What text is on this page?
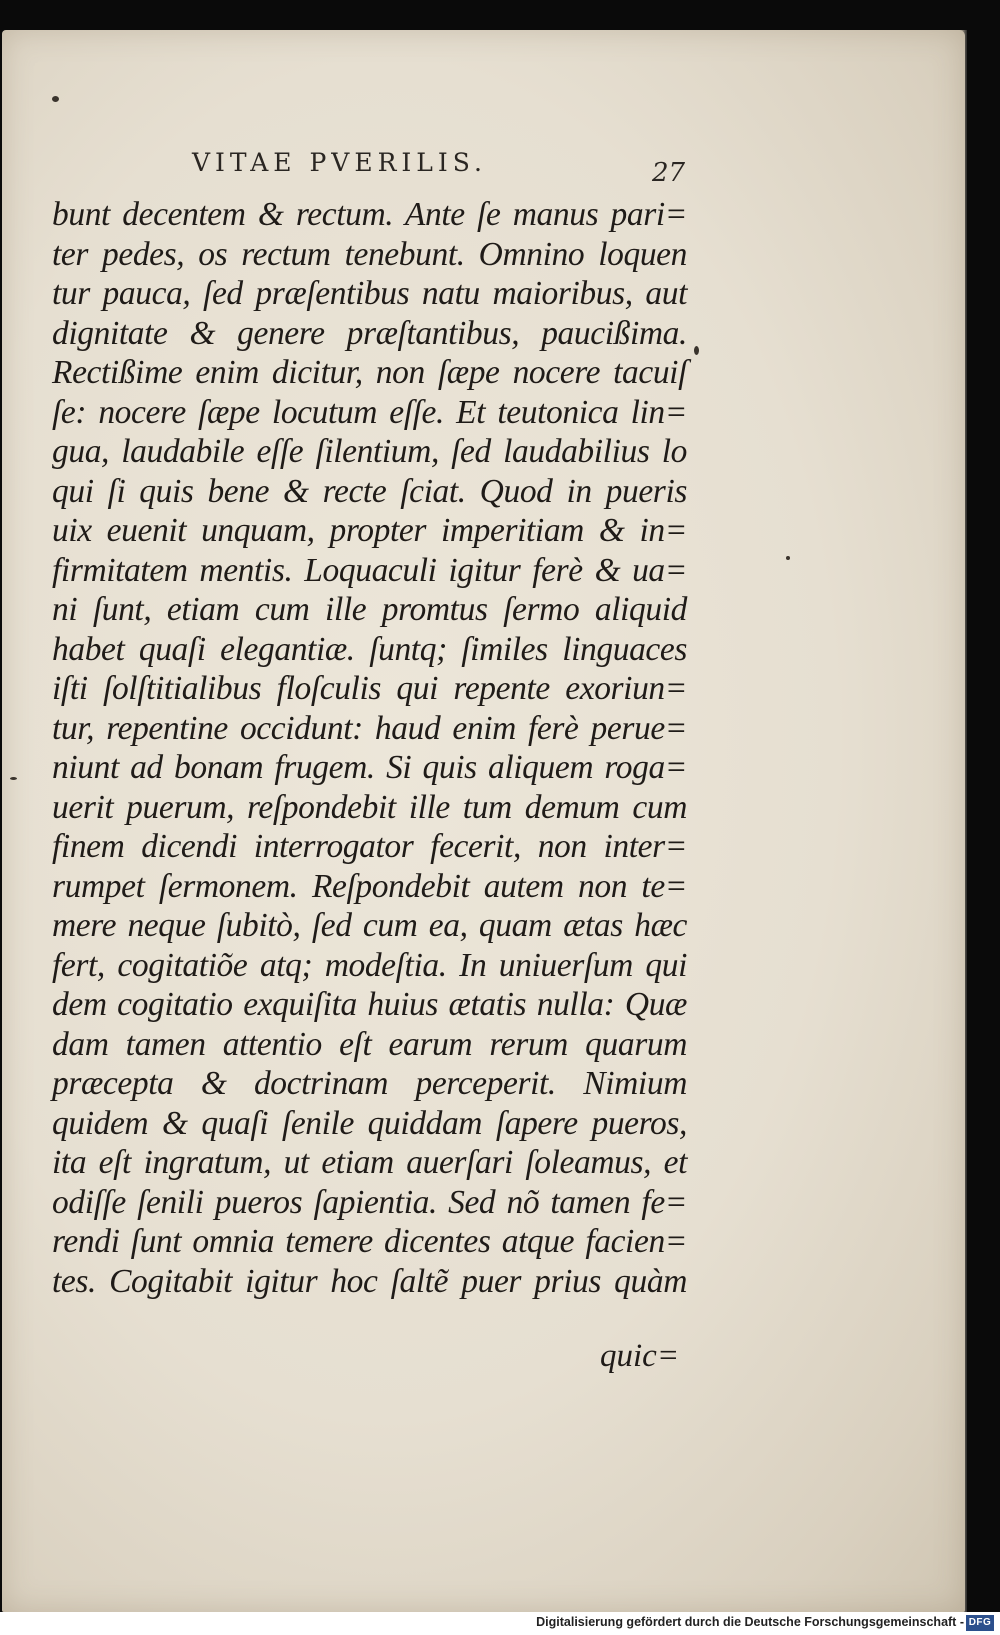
VITAE PVERILIS.	27
bunt decentem & rectum. Ante ſe manus pari=
ter pedes, os rectum tenebunt. Omnino loquen
tur pauca, ſed præſentibus natu maioribus, aut
dignitate & genere præſtantibus, paucißima.
Rectißime enim dicitur, non ſæpe nocere tacuiſ
ſe: nocere ſæpe locutum eſſe. Et teutonica lin=
gua, laudabile eſſe ſilentium, ſed laudabilius lo
qui ſi quis bene & recte ſciat. Quod in pueris
uix euenit unquam, propter imperitiam & in=
firmitatem mentis. Loquaculi igitur ferè & ua=
ni ſunt, etiam cum ille promtus ſermo aliquid
habet quaſi elegantiæ. ſuntq; ſimiles linguaces
iſti ſolſtitialibus floſculis qui repente exoriun=
tur, repentine occidunt: haud enim ferè perue=
niunt ad bonam frugem. Si quis aliquem roga=
uerit puerum, reſpondebit ille tum demum cum
finem dicendi interrogator fecerit, non inter=
rumpet ſermonem. Reſpondebit autem non te=
mere neque ſubitò, ſed cum ea, quam ætas hæc
fert, cogitatiõe atq; modeſtia. In uniuerſum qui
dem cogitatio exquiſita huius ætatis nulla: Quæ
dam tamen attentio eſt earum rerum quarum
præcepta & doctrinam perceperit. Nimium
quidem & quaſi ſenile quiddam ſapere pueros,
ita eſt ingratum, ut etiam auerſari ſoleamus, et
odiſſe ſenili pueros ſapientia. Sed nõ tamen fe=
rendi ſunt omnia temere dicentes atque facien=
tes. Cogitabit igitur hoc ſaltẽ puer prius quàm
quic=
Digitalisierung gefördert durch die Deutsche Forschungsgemeinschaft - DFG
